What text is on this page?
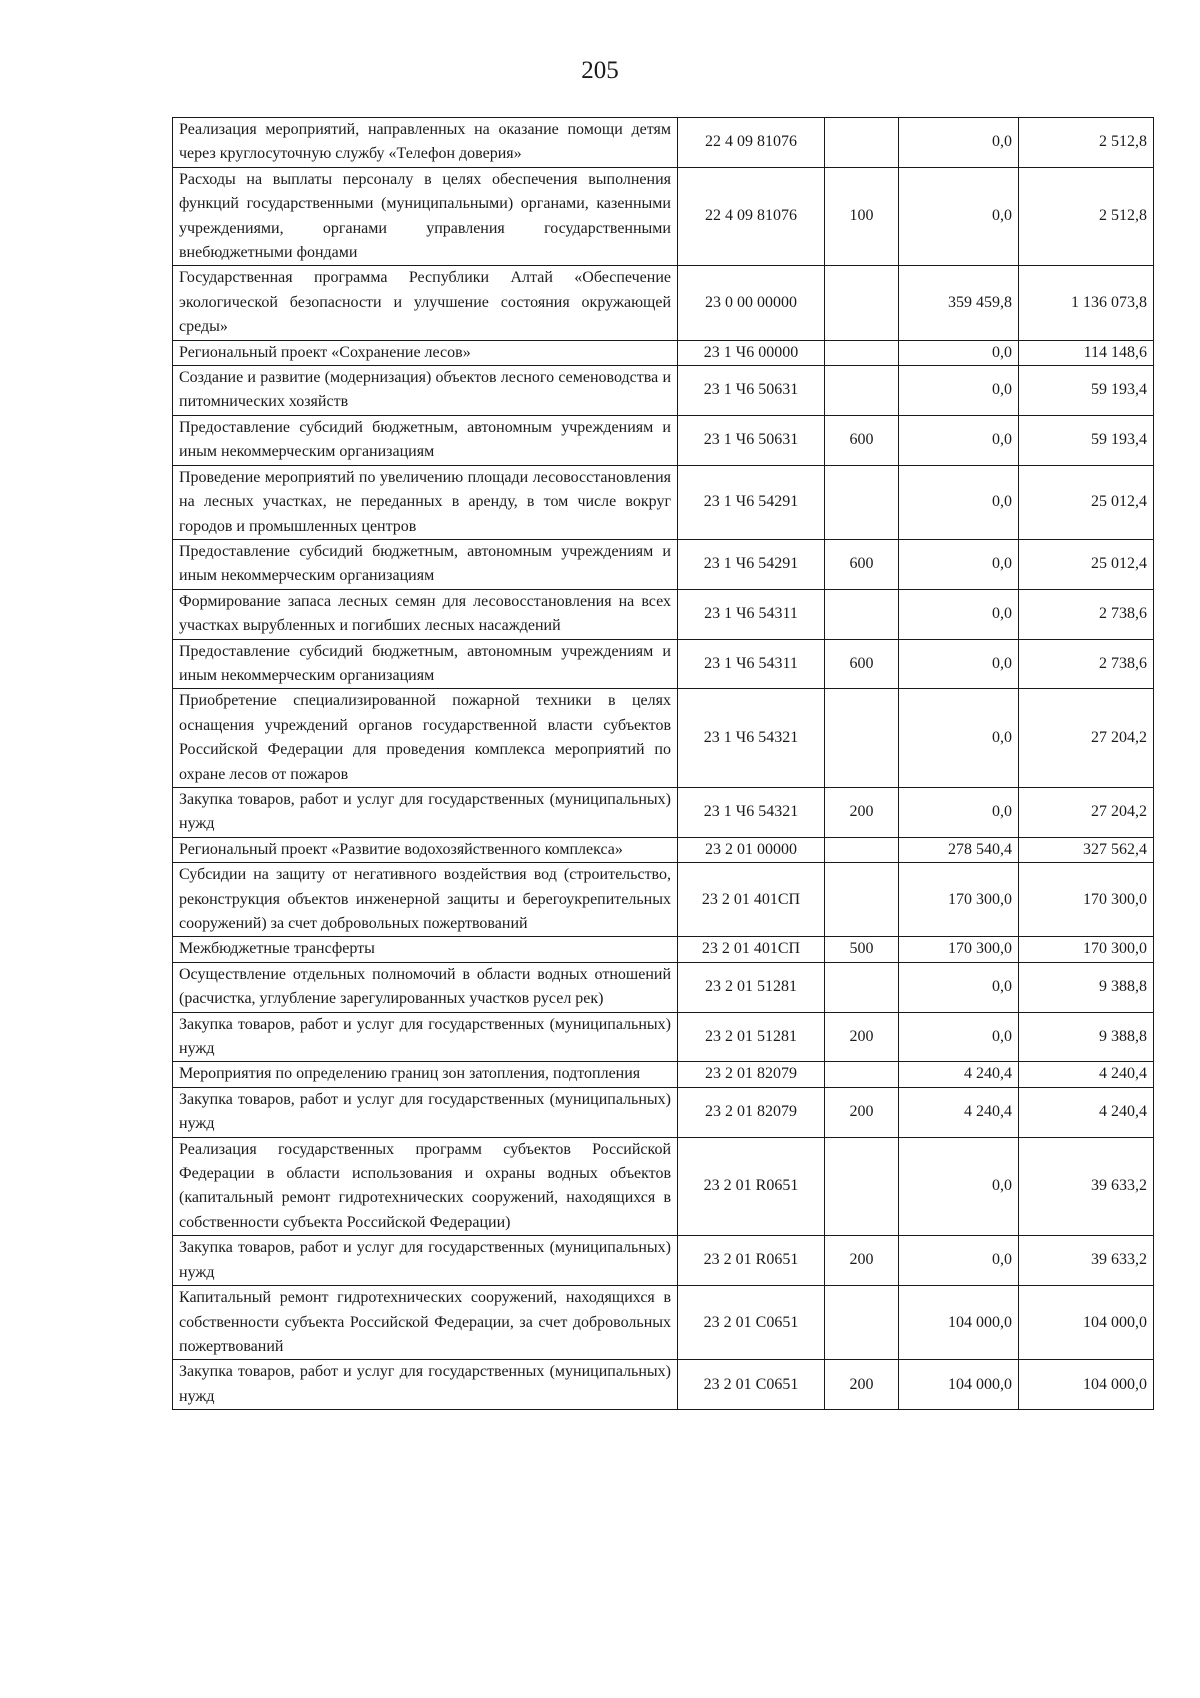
205
Реализация мероприятий, направленных на оказание помощи детям через круглосуточную службу «Телефон доверия»	22 4 09 81076		0,0	2 512,8
Расходы на выплаты персоналу в целях обеспечения выполнения функций государственными (муниципальными) органами, казенными учреждениями, органами управления государственными внебюджетными фондами	22 4 09 81076	100	0,0	2 512,8
Государственная программа Республики Алтай «Обеспечение экологической безопасности и улучшение состояния окружающей среды»	23 0 00 00000		359 459,8	1 136 073,8
Региональный проект «Сохранение лесов»	23 1 Ч6 00000		0,0	114 148,6
Создание и развитие (модернизация) объектов лесного семеноводства и питомнических хозяйств	23 1 Ч6 50631		0,0	59 193,4
Предоставление субсидий бюджетным, автономным учреждениям и иным некоммерческим организациям	23 1 Ч6 50631	600	0,0	59 193,4
Проведение мероприятий по увеличению площади лесовосстановления на лесных участках, не переданных в аренду, в том числе вокруг городов и промышленных центров	23 1 Ч6 54291		0,0	25 012,4
Предоставление субсидий бюджетным, автономным учреждениям и иным некоммерческим организациям	23 1 Ч6 54291	600	0,0	25 012,4
Формирование запаса лесных семян для лесовосстановления на всех участках вырубленных и погибших лесных насаждений	23 1 Ч6 54311		0,0	2 738,6
Предоставление субсидий бюджетным, автономным учреждениям и иным некоммерческим организациям	23 1 Ч6 54311	600	0,0	2 738,6
Приобретение специализированной пожарной техники в целях оснащения учреждений органов государственной власти субъектов Российской Федерации для проведения комплекса мероприятий по охране лесов от пожаров	23 1 Ч6 54321		0,0	27 204,2
Закупка товаров, работ и услуг для государственных (муниципальных) нужд	23 1 Ч6 54321	200	0,0	27 204,2
Региональный проект «Развитие водохозяйственного комплекса»	23 2 01 00000		278 540,4	327 562,4
Субсидии на защиту от негативного воздействия вод (строительство, реконструкция объектов инженерной защиты и берегоукрепительных сооружений) за счет добровольных пожертвований	23 2 01 401СП		170 300,0	170 300,0
Межбюджетные трансферты	23 2 01 401СП	500	170 300,0	170 300,0
Осуществление отдельных полномочий в области водных отношений (расчистка, углубление зарегулированных участков русел рек)	23 2 01 51281		0,0	9 388,8
Закупка товаров, работ и услуг для государственных (муниципальных) нужд	23 2 01 51281	200	0,0	9 388,8
Мероприятия по определению границ зон затопления, подтопления	23 2 01 82079		4 240,4	4 240,4
Закупка товаров, работ и услуг для государственных (муниципальных) нужд	23 2 01 82079	200	4 240,4	4 240,4
Реализация государственных программ субъектов Российской Федерации в области использования и охраны водных объектов (капитальный ремонт гидротехнических сооружений, находящихся в собственности субъекта Российской Федерации)	23 2 01 R0651		0,0	39 633,2
Закупка товаров, работ и услуг для государственных (муниципальных) нужд	23 2 01 R0651	200	0,0	39 633,2
Капитальный ремонт гидротехнических сооружений, находящихся в собственности субъекта Российской Федерации, за счет добровольных пожертвований	23 2 01 С0651		104 000,0	104 000,0
Закупка товаров, работ и услуг для государственных (муниципальных) нужд	23 2 01 С0651	200	104 000,0	104 000,0
